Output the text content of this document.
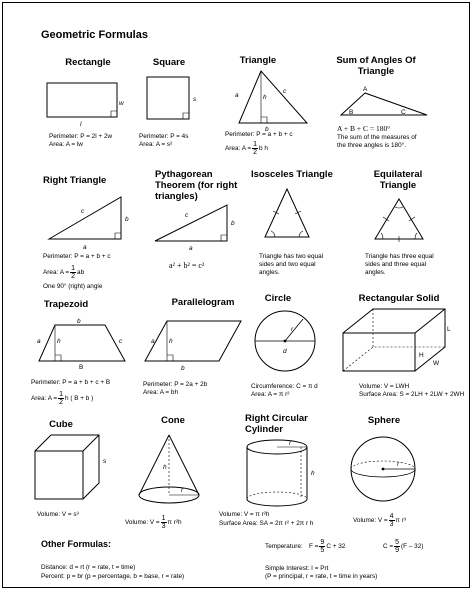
Geometric Formulas
Rectangle
w
l
Perimeter: P = 2l + 2w
Area: A = lw
Square
s
Perimeter: P = 4s
Area: A = s²
Triangle
a	h
c
b
Perimeter: P = a + b + c
Area: $A = \frac{1}{2}$ b h
Sum of Angles Of Triangle
A
B	C
A + B + C = 180°
The sum of the measures of
the three angles is 180°.
Right Triangle
c
b
a
Perimeter: P = a + b + c
Area: $A = \frac{1}{2}$ ab
One 90° (right) angle
Pythagorean Theorem (for right triangles)
c
b
a
a² + b² = c²
Isosceles Triangle
Triangle has two equal
sides and two equal
angles.
Equilateral Triangle
Triangle has three equal
sides and three equal
angles.
Trapezoid
b
a	h	c
B
Perimeter: P = a + b + c + B
Area: $A = \frac{1}{2}$ h ( B + b )
Parallelogram
a h
b
Perimeter: P = 2a + 2b
Area: A = bh
Circle
r
d
Circumference: C = π d
Area: A = π r²
Rectangular Solid
W
H
L
Volume: V = LWH
Surface Area: S = 2LH + 2LW + 2WH
Cube
s
Volume: V = s³
Cone
h
r
Volume: $V = \frac{1}{3}$ π r²h
Right Circular Cylinder
h
r
Volume: V = π r²h
Surface Area: SA = 2π r² + 2π r h
Sphere
r
Volume: $V = \frac{4}{3}$ π r³
Other Formulas:
Distance: d = rt (r = rate, t = time)
Percent: p = br (p = percentage, b = base, r = rate)
Temperature: $F = \frac{9}{5}$ C + 32	$C = \frac{5}{9} (F - 32)$
Simple Interest: I = Prt
(P = principal, r = rate, t = time in years)
